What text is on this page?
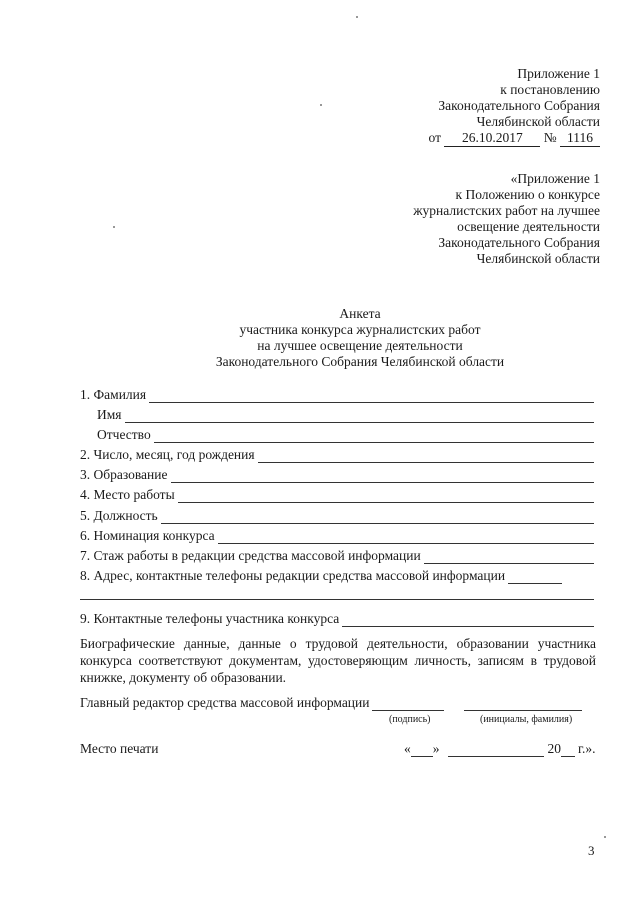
Приложение 1
к постановлению
Законодательного Собрания
Челябинской области
от 26.10.2017 № 1116
«Приложение 1
к Положению о конкурсе
журналистских работ на лучшее
освещение деятельности
Законодательного Собрания
Челябинской области
Анкета
участника конкурса журналистских работ
на лучшее освещение деятельности
Законодательного Собрания Челябинской области
1. Фамилия
Имя
Отчество
2. Число, месяц, год рождения
3. Образование
4. Место работы
5. Должность
6. Номинация конкурса
7. Стаж работы в редакции средства массовой информации
8. Адрес, контактные телефоны редакции средства массовой информации
9. Контактные телефоны участника конкурса
Биографические данные, данные о трудовой деятельности, образовании участника конкурса соответствуют документам, удостоверяющим личность, записям в трудовой книжке, документу об образовании.
Главный редактор средства массовой информации
(подпись)	(инициалы, фамилия)
Место печати	« »	20 г.».
3
